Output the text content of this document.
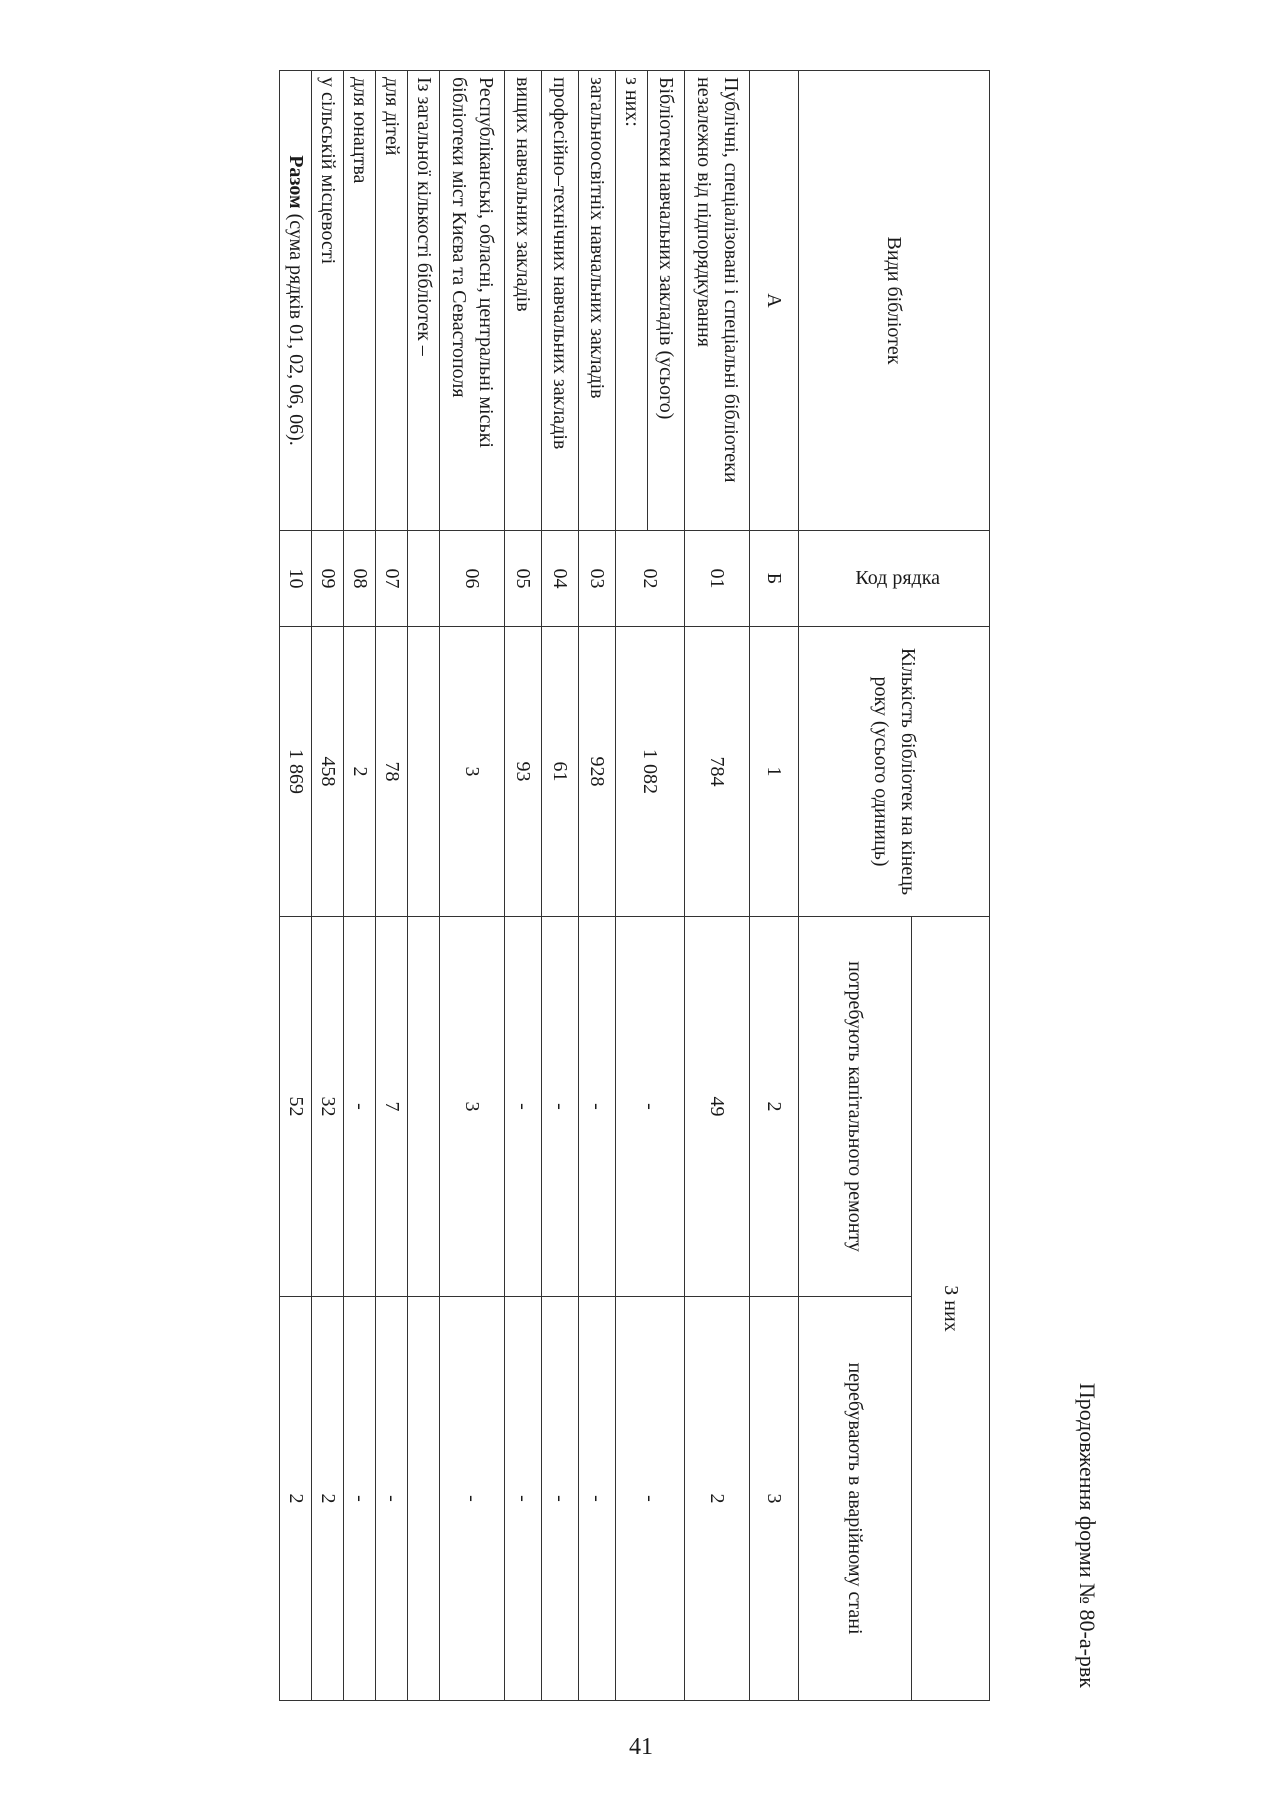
Продовження форми № 80-а-рвк
Види бібліотек	Код рядка	Кількість бібліотек на кінець року (усього одиниць)	З них	
			потребують капітального ремонту	перебувають в аварійному стані
А	Б	1	2	3
Публічні, спеціалізовані і спеціальні бібліотеки незалежно від підпорядкування	01	784	49	2
Бібліотеки навчальних закладів (усього)	02	1 082	-	-
з них:				
загальноосвітніх навчальних закладів	03	928	-	-
професійно–технічних навчальних закладів	04	61	-	-
вищих навчальних закладів	05	93	-	-
Республіканські, обласні, центральні міські бібліотеки міст Києва та Севастополя	06	3	3	-
Із загальної кількості бібліотек –				
для дітей	07	78	7	-
для юнацтва	08	2	-	-
у сільській місцевості	09	458	32	2
Разом (сума рядків 01, 02, 06, 06).	10	1 869	52	2
41
